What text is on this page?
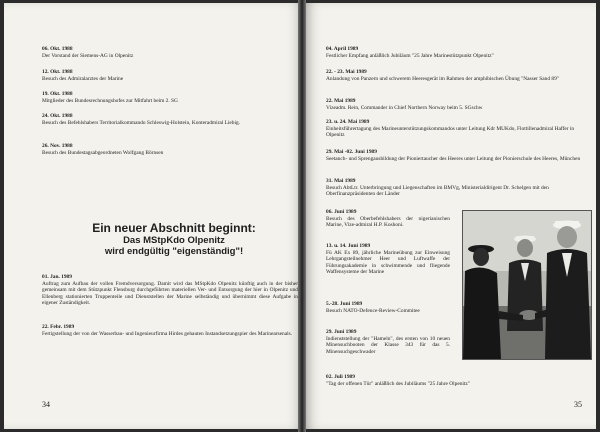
06. Okt. 1988
Der Vorstand der Siemens-AG in Olpenitz
12. Okt. 1988
Besuch des Admiralarztes der Marine
19. Okt. 1988
Mitglieder des Bundesrechnungshofes zur Mitfahrt beim 2. SG
24. Okt. 1988
Besuch des Befehlshabers Territorialkommando Schleswig-Holstein, Konteradmiral Liebig.
26. Nov. 1988
Besuch des Bundestagsabgeordneten Wolfgang Börnsen
Ein neuer Abschnitt beginnt:
Das MStpKdo Olpenitz
wird endgültig "eigenständig"!
01. Jan. 1989
Auftrag zum Aufbau der vollen Fremdversorgung. Damit wird das MStpKdo Olpenitz künftig auch in der bisher gemeinsam mit dem Stützpunkt Flensburg durchgeführten materiellen Ver- und Entsorgung der hier in Olpenitz und Ellenberg stationierten Truppenteile und Dienststellen der Marine selbständig und übernimmt diese Aufgabe in eigener Zuständigkeit.
22. Febr. 1989
Fertigstellung der von der Wasserbau- und Ingenieurfirma Hirdes gehauten Instandsetzungspier des Marinearsenals.
34
04. April 1989
Festlicher Empfang anläßlich Jubiläum "25 Jahre Marinestützpunkt Olpenitz"
22. - 23. Mai 1989
Anlandung von Panzern und schwerem Heeresgerät im Rahmen der amphibischen Übung "Nasser Sand 89"
22. Mai 1989
Vizeadm. Rein, Commander in Chief Northern Norway beim 5. SGschw
23. u. 24. Mai 1989
Einheitsführertagung des Marineunterstützungskommandos unter Leitung Kdr MUKdo, Flottillenadmiral Haffer in Olpenitz
29. Mai -02. Juni 1989
Seetanch- und Sprengausbildung der Pioniertaucher des Heeres unter Leitung der Pionierschule des Heeres, München
31. Mai 1989
Besuch AbtLtr. Unterbringung und Liegenschaften im BMVg, Ministerialdirigent Dr. Schelgen mit den Oberfinanzpräsidenten der Länder
06. Juni 1989
Besuch des Oberbefehlshabers der nigerianischen Marine, Vize-admiral H.P. Koshoni.
13. u. 14. Juni 1989
Fü AK Ex 89, jährliche Marineübung zur Einweisung Lehrgangsteilnehmer Heer und Luftwaffe der Führungsakademie in schwimmende und fliegende Waffensysteme der Marine
5.-28. Juni 1989
Besuch NATO-Defence-Review-Commitee
29. Juni 1989
Indienststellung der "Hameln", des ersten von 10 neuen Minensuchbooten der Klasse 343 für das 5. Minensuchgeschwader
02. Juli 1989
"Tag der offenen Tür" anläßlich des Jubiläums "25 Jahre Olpenitz"
35
